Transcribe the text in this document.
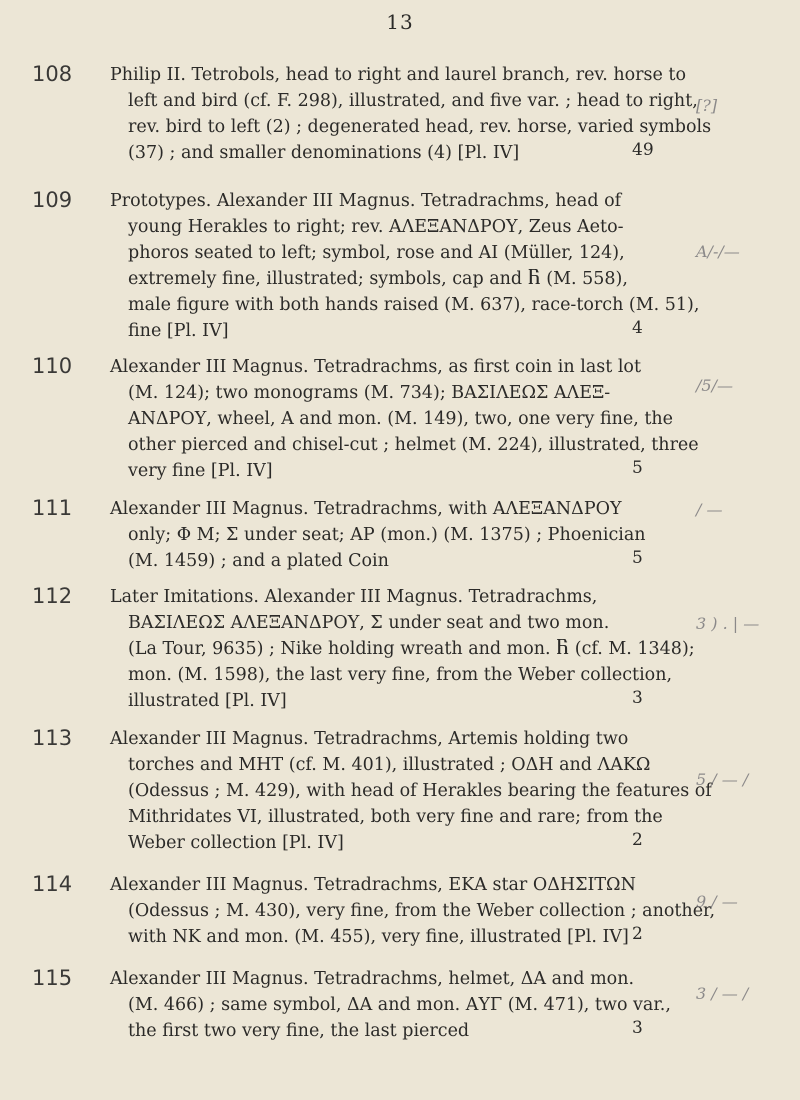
13
108 Philip II. Tetrobols, head to right and laurel branch, rev. horse to
left and bird (cf. F. 298), illustrated, and five var. ; head to right,
rev. bird to left (2) ; degenerated head, rev. horse, varied symbols
(37) ; and smaller denominations (4) [Pl. IV]	49
[?]
109 Prototypes. Alexander III Magnus. Tetradrachms, head of
young Herakles to right; rev. ΑΛΕΞΑΝΔΡΟΥ, Zeus Aeto-
phoros seated to left; symbol, rose and ΑΙ (Müller, 124),
extremely fine, illustrated; symbols, cap and Ⴌ (M. 558),
male figure with both hands raised (M. 637), race-torch (M. 51),
fine [Pl. IV]	4
A/-/—
110 Alexander III Magnus. Tetradrachms, as first coin in last lot
(M. 124); two monograms (M. 734); ΒΑΣΙΛΕΩΣ ΑΛΕΞ-
ΑΝΔΡΟΥ, wheel, Α and mon. (M. 149), two, one very fine, the
other pierced and chisel-cut ; helmet (M. 224), illustrated, three
very fine [Pl. IV]	5
/5/—
111 Alexander III Magnus. Tetradrachms, with ΑΛΕΞΑΝΔΡΟΥ
only; Φ M; Σ under seat; ΑΡ (mon.) (M. 1375) ; Phoenician
(M. 1459) ; and a plated Coin	5
/ —
112 Later Imitations. Alexander III Magnus. Tetradrachms,
ΒΑΣΙΛΕΩΣ ΑΛΕΞΑΝΔΡΟΥ, Σ under seat and two mon.
(La Tour, 9635) ; Nike holding wreath and mon. Ⴌ (cf. M. 1348);
mon. (M. 1598), the last very fine, from the Weber collection,
illustrated [Pl. IV]	3
3 ) . | —
113 Alexander III Magnus. Tetradrachms, Artemis holding two
torches and ΜΗΤ (cf. M. 401), illustrated ; ΟΔΗ and ΛΑΚΩ
(Odessus ; M. 429), with head of Herakles bearing the features of
Mithridates VI, illustrated, both very fine and rare; from the
Weber collection [Pl. IV]	2
5 / — /
114 Alexander III Magnus. Tetradrachms, ΕΚΑ star ΟΔΗΣΙΤΩΝ
(Odessus ; M. 430), very fine, from the Weber collection ; another,
with ΝΚ and mon. (M. 455), very fine, illustrated [Pl. IV] 2
9 / —
115 Alexander III Magnus. Tetradrachms, helmet, ΔΑ and mon.
(M. 466) ; same symbol, ΔΑ and mon. ΑΥΓ (M. 471), two var.,
the first two very fine, the last pierced	3
3 / — /
